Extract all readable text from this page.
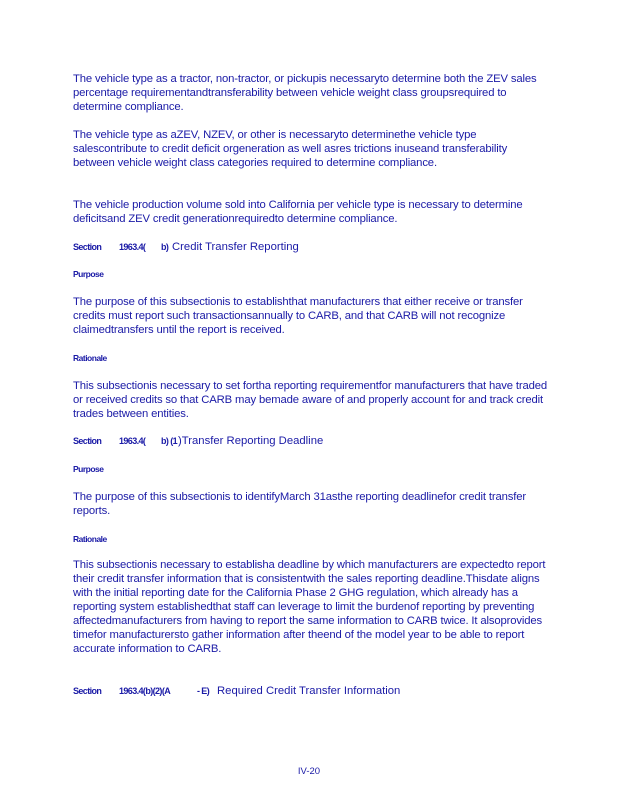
The vehicle type as a tractor, non-tractor, or pickupis necessaryto determine both the ZEV sales percentage requirementandtransferability between vehicle weight class groupsrequired to determine compliance.
The vehicle type as aZEV, NZEV, or other is necessaryto determinethe vehicle type salescontribute to credit deficit orgeneration as well asres trictions inuseand transferability between vehicle weight class categories required to determine compliance.
The vehicle production volume sold into California per vehicle type is necessary to determine deficitsand ZEV credit generationrequiredto determine compliance.
Section 1963.4( b) Credit Transfer Reporting
Purpose
The purpose of this subsectionis to establishthat manufacturers that either receive or transfer credits must report such transactionsannually to CARB, and that CARB will not recognize claimedtransfers until the report is received.
Rationale
This subsectionis necessary to set fortha reporting requirementfor manufacturers that have traded or received credits so that CARB may bemade aware of and properly account for and track credit trades between entities.
Section 1963.4( b) (1)Transfer Reporting Deadline
Purpose
The purpose of this subsectionis to identifyMarch 31asthe reporting deadlinefor credit transfer reports.
Rationale
This subsectionis necessary to establisha deadline by which manufacturers are expectedto report their credit transfer information that is consistentwith the sales reporting deadline.Thisdate aligns with the initial reporting date for the California Phase 2 GHG regulation, which already has a reporting system establishedthat staff can leverage to limit the burdenof reporting by preventing affectedmanufacturers from having to report the same information to CARB twice. It alsoprovides timefor manufacturersto gather information after theend of the model year to be able to report accurate information to CARB.
Section 1963.4(b)(2)(A	- E) Required Credit Transfer Information
IV-20
